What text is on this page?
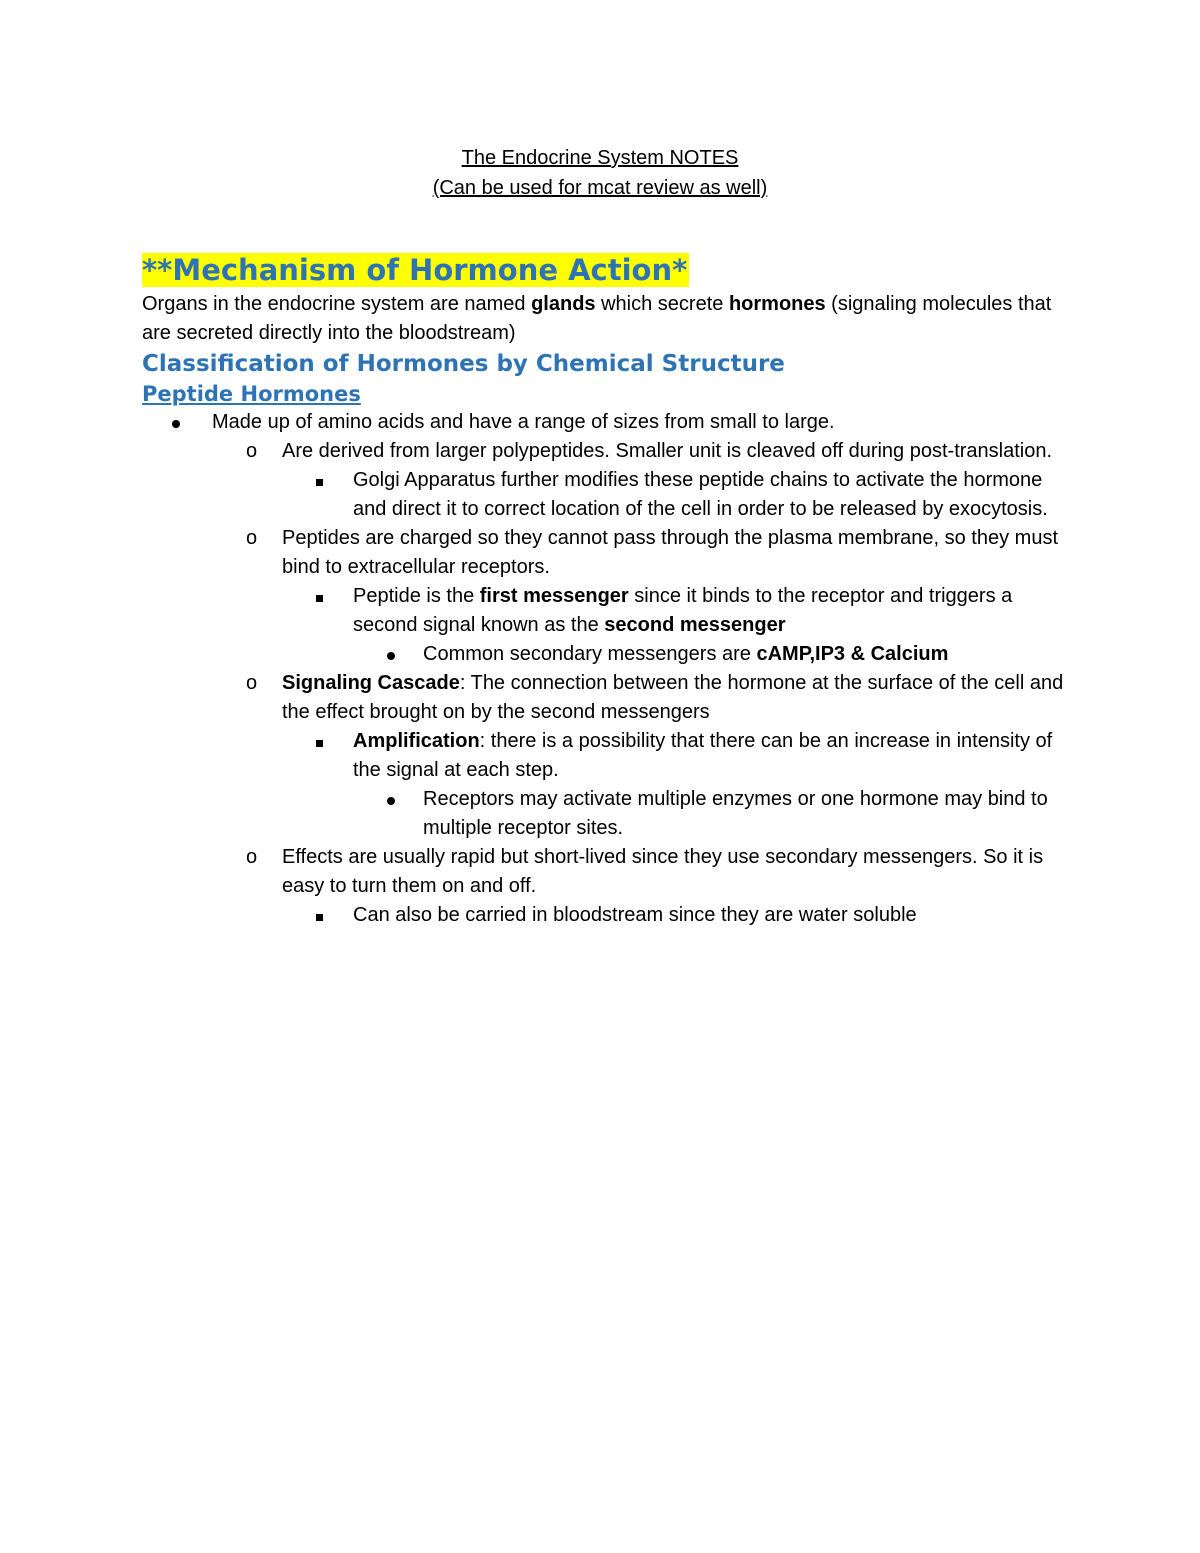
The Endocrine System NOTES
(Can be used for mcat review as well)
**Mechanism of Hormone Action*

Organs in the endocrine system are named glands which secrete hormones (signaling molecules that are secreted directly into the bloodstream)

Classification of Hormones by Chemical Structure
Peptide Hormones
Made up of amino acids and have a range of sizes from small to large.
o	Are derived from larger polypeptides. Smaller unit is cleaved off during post-translation.
Golgi Apparatus further modifies these peptide chains to activate the hormone and direct it to correct location of the cell in order to be released by exocytosis.
o	Peptides are charged so they cannot pass through the plasma membrane, so they must bind to extracellular receptors.
Peptide is the first messenger since it binds to the receptor and triggers a second signal known as the second messenger
Common secondary messengers are cAMP,IP3 & Calcium
o	Signaling Cascade: The connection between the hormone at the surface of the cell and the effect brought on by the second messengers
Amplification: there is a possibility that there can be an increase in intensity of the signal at each step.
Receptors may activate multiple enzymes or one hormone may bind to multiple receptor sites.
o	Effects are usually rapid but short-lived since they use secondary messengers. So it is easy to turn them on and off.
Can also be carried in bloodstream since they are water soluble
